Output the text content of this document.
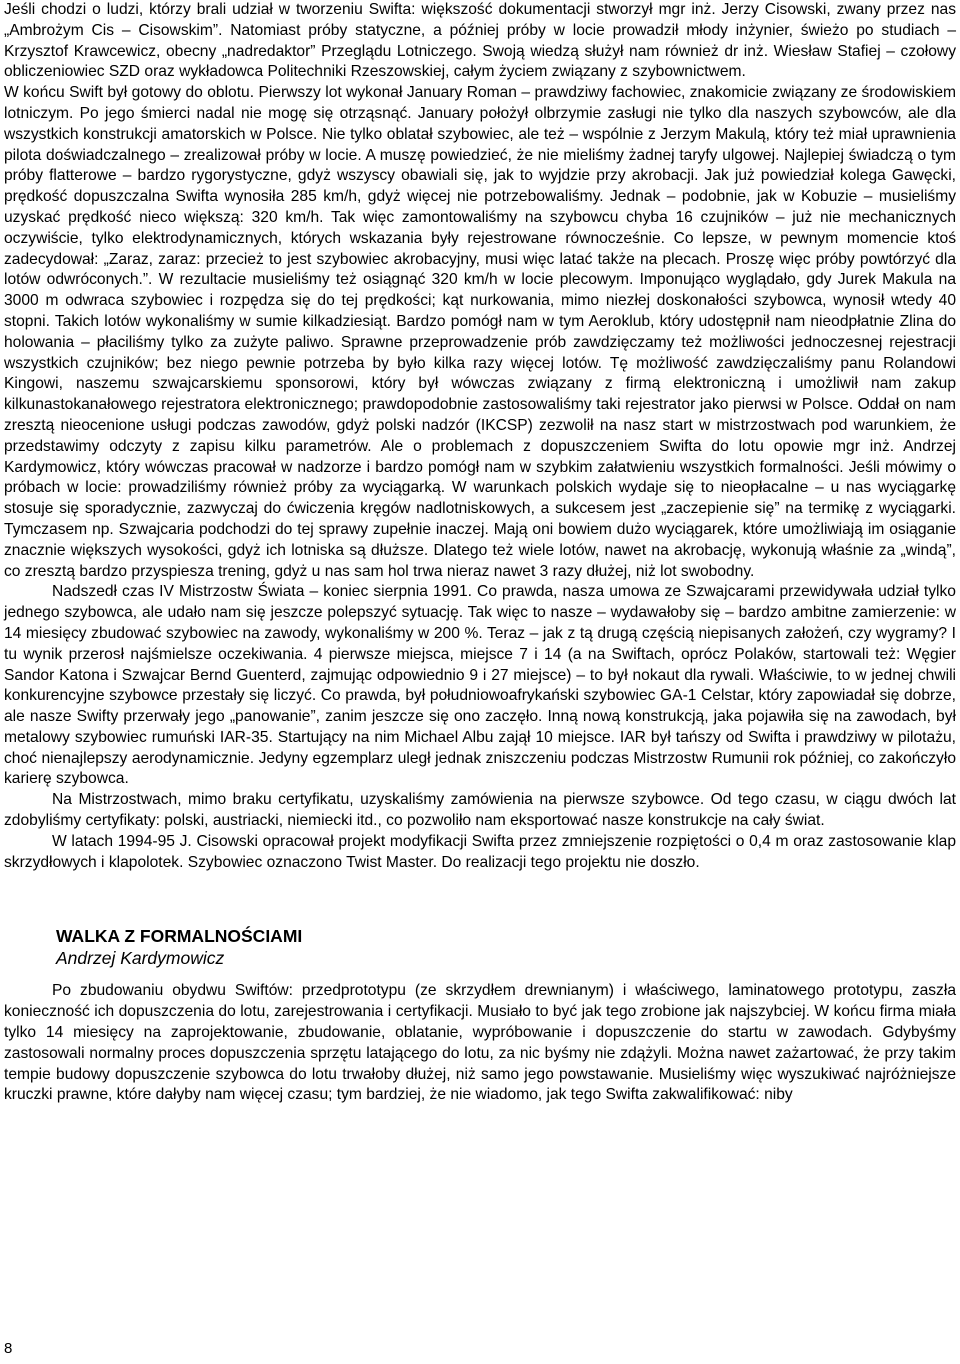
Jeśli chodzi o ludzi, którzy brali udział w tworzeniu Swifta: większość dokumentacji stworzył mgr inż. Jerzy Cisowski, zwany przez nas „Ambrożym Cis – Cisowskim”. Natomiast próby statyczne, a później próby w locie prowadził młody inżynier, świeżo po studiach – Krzysztof Krawcewicz, obecny „nadredaktor” Przeglądu Lotniczego. Swoją wiedzą służył nam również dr inż. Wiesław Stafiej – czołowy obliczeniowiec SZD oraz wykładowca Politechniki Rzeszowskiej, całym życiem związany z szybownictwem.

W końcu Swift był gotowy do oblotu. Pierwszy lot wykonał January Roman – prawdziwy fachowiec, znakomicie związany ze środowiskiem lotniczym. Po jego śmierci nadal nie mogę się otrząsnąć. January położył olbrzymie zasługi nie tylko dla naszych szybowców, ale dla wszystkich konstrukcji amatorskich w Polsce. Nie tylko oblatał szybowiec, ale też – wspólnie z Jerzym Makulą, który też miał uprawnienia pilota doświadczalnego – zrealizował próby w locie. A muszę powiedzieć, że nie mieliśmy żadnej taryfy ulgowej. Najlepiej świadczą o tym próby flatterowe – bardzo rygorystyczne, gdyż wszyscy obawiali się, jak to wyjdzie przy akrobacji. Jak już powiedział kolega Gawęcki, prędkość dopuszczalna Swifta wynosiła 285 km/h, gdyż więcej nie potrzebowaliśmy. Jednak – podobnie, jak w Kobuzie – musieliśmy uzyskać prędkość nieco większą: 320 km/h. Tak więc zamontowaliśmy na szybowcu chyba 16 czujników – już nie mechanicznych oczywiście, tylko elektrodynamicznych, których wskazania były rejestrowane równocześnie. Co lepsze, w pewnym momencie ktoś zadecydował: „Zaraz, zaraz: przecież to jest szybowiec akrobacyjny, musi więc latać także na plecach. Proszę więc próby powtórzyć dla lotów odwróconych.”. W rezultacie musieliśmy też osiągnąć 320 km/h w locie plecowym. Imponująco wyglądało, gdy Jurek Makula na 3000 m odwraca szybowiec i rozpędza się do tej prędkości; kąt nurkowania, mimo niezłej doskonałości szybowca, wynosił wtedy 40 stopni. Takich lotów wykonaliśmy w sumie kilkadziesiąt. Bardzo pomógł nam w tym Aeroklub, który udostępnił nam nieodpłatnie Zlina do holowania – płaciliśmy tylko za zużyte paliwo. Sprawne przeprowadzenie prób zawdzięczamy też możliwości jednoczesnej rejestracji wszystkich czujników; bez niego pewnie potrzeba by było kilka razy więcej lotów. Tę możliwość zawdzięczaliśmy panu Rolandowi Kingowi, naszemu szwajcarskiemu sponsorowi, który był wówczas związany z firmą elektroniczną i umożliwił nam zakup kilkunastokanałowego rejestratora elektronicznego; prawdopodobnie zastosowaliśmy taki rejestrator jako pierwsi w Polsce. Oddał on nam zresztą nieocenione usługi podczas zawodów, gdyż polski nadzór (IKCSP) zezwolił na nasz start w mistrzostwach pod warunkiem, że przedstawimy odczyty z zapisu kilku parametrów. Ale o problemach z dopuszczeniem Swifta do lotu opowie mgr inż. Andrzej Kardymowicz, który wówczas pracował w nadzorze i bardzo pomógł nam w szybkim załatwieniu wszystkich formalności. Jeśli mówimy o próbach w locie: prowadziliśmy również próby za wyciągarką. W warunkach polskich wydaje się to nieopłacalne – u nas wyciągarkę stosuje się sporadycznie, zazwyczaj do ćwiczenia kręgów nadlotniskowych, a sukcesem jest „zaczepienie się” na termikę z wyciągarki. Tymczasem np. Szwajcaria podchodzi do tej sprawy zupełnie inaczej. Mają oni bowiem dużo wyciągarek, które umożliwiają im osiąganie znacznie większych wysokości, gdyż ich lotniska są dłuższe. Dlatego też wiele lotów, nawet na akrobację, wykonują właśnie za „windą”, co zresztą bardzo przyspiesza trening, gdyż u nas sam hol trwa nieraz nawet 3 razy dłużej, niż lot swobodny.

Nadszedł czas IV Mistrzostw Świata – koniec sierpnia 1991. Co prawda, nasza umowa ze Szwajcarami przewidywała udział tylko jednego szybowca, ale udało nam się jeszcze polepszyć sytuację. Tak więc to nasze – wydawałoby się – bardzo ambitne zamierzenie: w 14 miesięcy zbudować szybowiec na zawody, wykonaliśmy w 200 %. Teraz – jak z tą drugą częścią niepisanych założeń, czy wygramy? I tu wynik przerosł najśmielsze oczekiwania. 4 pierwsze miejsca, miejsce 7 i 14 (a na Swiftach, oprócz Polaków, startowali też: Węgier Sandor Katona i Szwajcar Bernd Guenterd, zajmując odpowiednio 9 i 27 miejsce) – to był nokaut dla rywali. Właściwie, to w jednej chwili konkurencyjne szybowce przestały się liczyć. Co prawda, był południowoafrykański szybowiec GA-1 Celstar, który zapowiadał się dobrze, ale nasze Swifty przerwały jego „panowanie”, zanim jeszcze się ono zaczęło. Inną nową konstrukcją, jaka pojawiła się na zawodach, był metalowy szybowiec rumuński IAR-35. Startujący na nim Michael Albu zajął 10 miejsce. IAR był tańszy od Swifta i prawdziwy w pilotażu, choć nienajlepszy aerodynamicznie. Jedyny egzemplarz uległ jednak zniszczeniu podczas Mistrzostw Rumunii rok później, co zakończyło karierę szybowca.

Na Mistrzostwach, mimo braku certyfikatu, uzyskaliśmy zamówienia na pierwsze szybowce. Od tego czasu, w ciągu dwóch lat zdobyliśmy certyfikaty: polski, austriacki, niemiecki itd., co pozwoliło nam eksportować nasze konstrukcje na cały świat.

W latach 1994-95 J. Cisowski opracował projekt modyfikacji Swifta przez zmniejszenie rozpiętości o 0,4 m oraz zastosowanie klap skrzydłowych i klapolotek. Szybowiec oznaczono Twist Master. Do realizacji tego projektu nie doszło.

WALKA Z FORMALNOŚCIAMI

Andrzej Kardymowicz

Po zbudowaniu obydwu Swiftów: przedprototypu (ze skrzydłem drewnianym) i właściwego, laminatowego prototypu, zaszła konieczność ich dopuszczenia do lotu, zarejestrowania i certyfikacji. Musiało to być jak tego zrobione jak najszybciej. W końcu firma miała tylko 14 miesięcy na zaprojektowanie, zbudowanie, oblatanie, wypróbowanie i dopuszczenie do startu w zawodach. Gdybyśmy zastosowali normalny proces dopuszczenia sprzętu latającego do lotu, za nic byśmy nie zdążyli. Można nawet zażartować, że przy takim tempie budowy dopuszczenie szybowca do lotu trwałoby dłużej, niż samo jego powstawanie. Musieliśmy więc wyszukiwać najróżniejsze kruczki prawne, które dałyby nam więcej czasu; tym bardziej, że nie wiadomo, jak tego Swifta zakwalifikować: niby

8
